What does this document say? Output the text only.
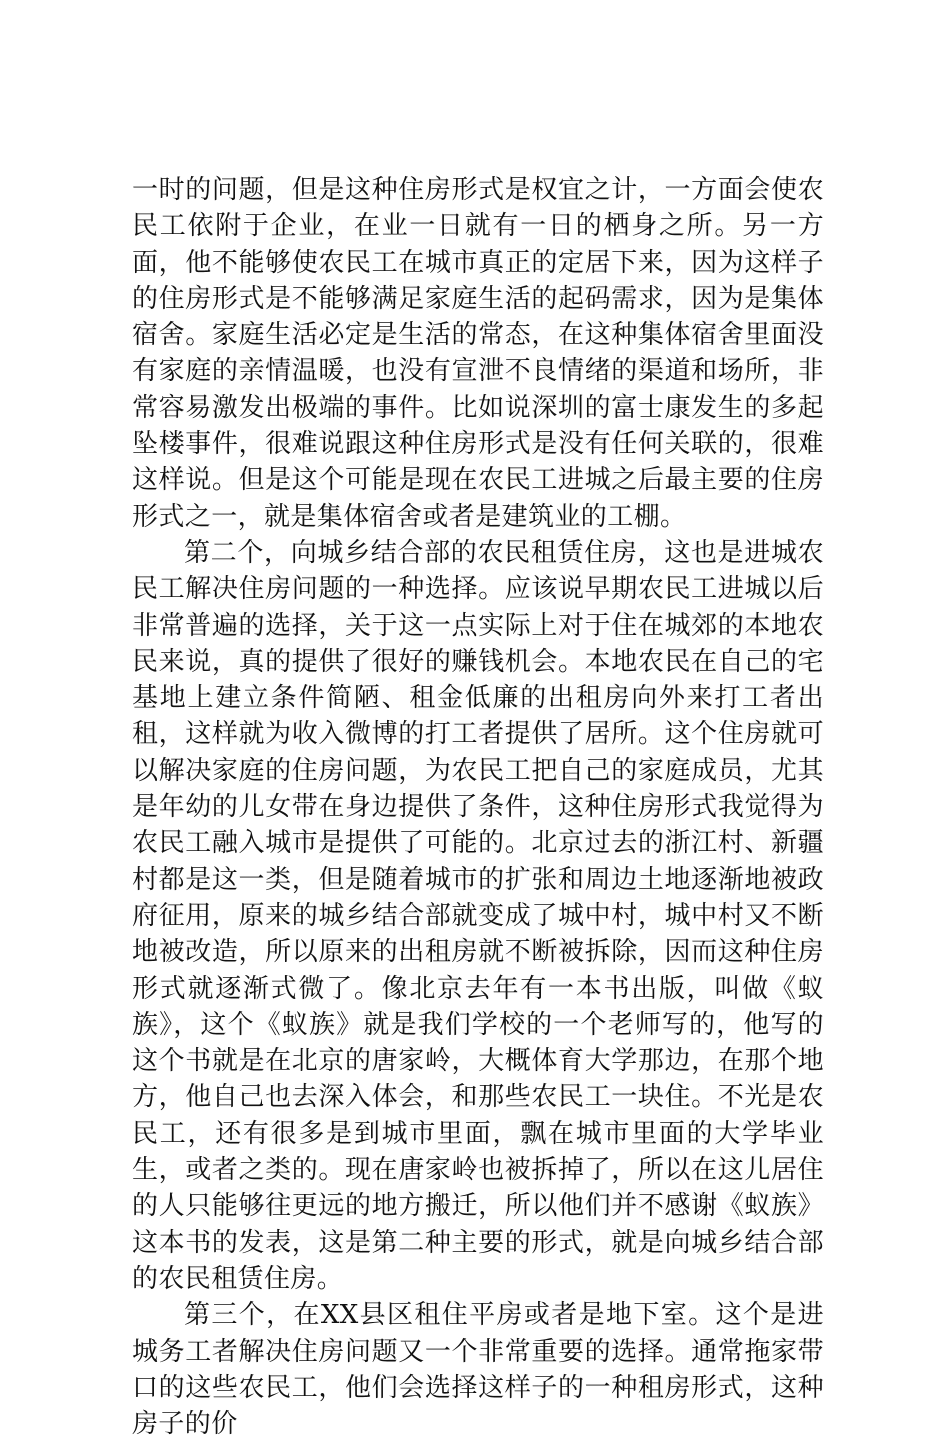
一时的问题，但是这种住房形式是权宜之计，一方面会使农民工依附于企业，在业一日就有一日的栖身之所。另一方面，他不能够使农民工在城市真正的定居下来，因为这样子的住房形式是不能够满足家庭生活的起码需求，因为是集体宿舍。家庭生活必定是生活的常态，在这种集体宿舍里面没有家庭的亲情温暖，也没有宣泄不良情绪的渠道和场所，非常容易激发出极端的事件。比如说深圳的富士康发生的多起坠楼事件，很难说跟这种住房形式是没有任何关联的，很难这样说。但是这个可能是现在农民工进城之后最主要的住房形式之一，就是集体宿舍或者是建筑业的工棚。

第二个，向城乡结合部的农民租赁住房，这也是进城农民工解决住房问题的一种选择。应该说早期农民工进城以后非常普遍的选择，关于这一点实际上对于住在城郊的本地农民来说，真的提供了很好的赚钱机会。本地农民在自己的宅基地上建立条件简陋、租金低廉的出租房向外来打工者出租，这样就为收入微博的打工者提供了居所。这个住房就可以解决家庭的住房问题，为农民工把自己的家庭成员，尤其是年幼的儿女带在身边提供了条件，这种住房形式我觉得为农民工融入城市是提供了可能的。北京过去的浙江村、新疆村都是这一类，但是随着城市的扩张和周边土地逐渐地被政府征用，原来的城乡结合部就变成了城中村，城中村又不断地被改造，所以原来的出租房就不断被拆除，因而这种住房形式就逐渐式微了。像北京去年有一本书出版，叫做《蚁族》，这个《蚁族》就是我们学校的一个老师写的，他写的这个书就是在北京的唐家岭，大概体育大学那边，在那个地方，他自己也去深入体会，和那些农民工一块住。不光是农民工，还有很多是到城市里面，飘在城市里面的大学毕业生，或者之类的。现在唐家岭也被拆掉了，所以在这儿居住的人只能够往更远的地方搬迁，所以他们并不感谢《蚁族》这本书的发表，这是第二种主要的形式，就是向城乡结合部的农民租赁住房。

第三个，在XX县区租住平房或者是地下室。这个是进城务工者解决住房问题又一个非常重要的选择。通常拖家带口的这些农民工，他们会选择这样子的一种租房形式，这种房子的价
